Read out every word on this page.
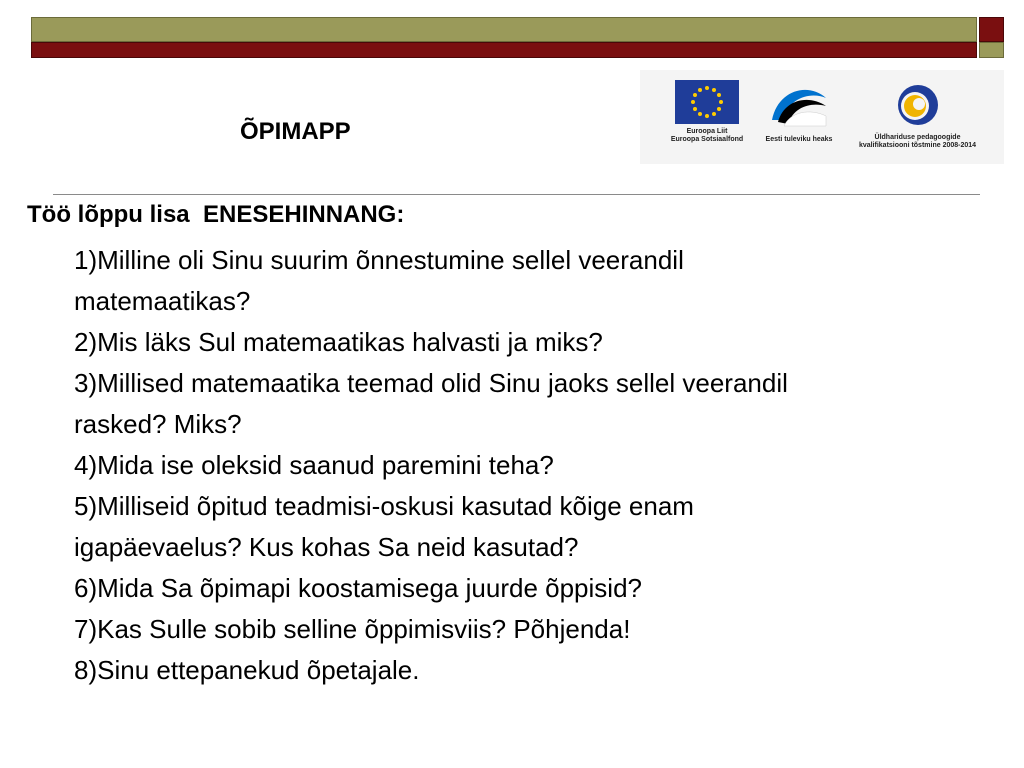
Euroopa Liit
Euroopa Sotsiaalfond	Eesti tuleviku heaks	Üldhariduse pedagoogide
kvalifikatsiooni tõstmine 2008-2014
ÕPIMAPP
Töö lõppu lisa  ENESEHINNANG:
1)Milline oli Sinu suurim õnnestumine sellel veerandil
matemaatikas?
2)Mis läks Sul matemaatikas halvasti ja miks?
3)Millised matemaatika teemad olid Sinu jaoks sellel veerandil
rasked? Miks?
4)Mida ise oleksid saanud paremini teha?
5)Milliseid õpitud teadmisi-oskusi kasutad kõige enam
igapäevaelus? Kus kohas Sa neid kasutad?
6)Mida Sa õpimapi koostamisega juurde õppisid?
7)Kas Sulle sobib selline õppimisviis? Põhjenda!
8)Sinu ettepanekud õpetajale.
